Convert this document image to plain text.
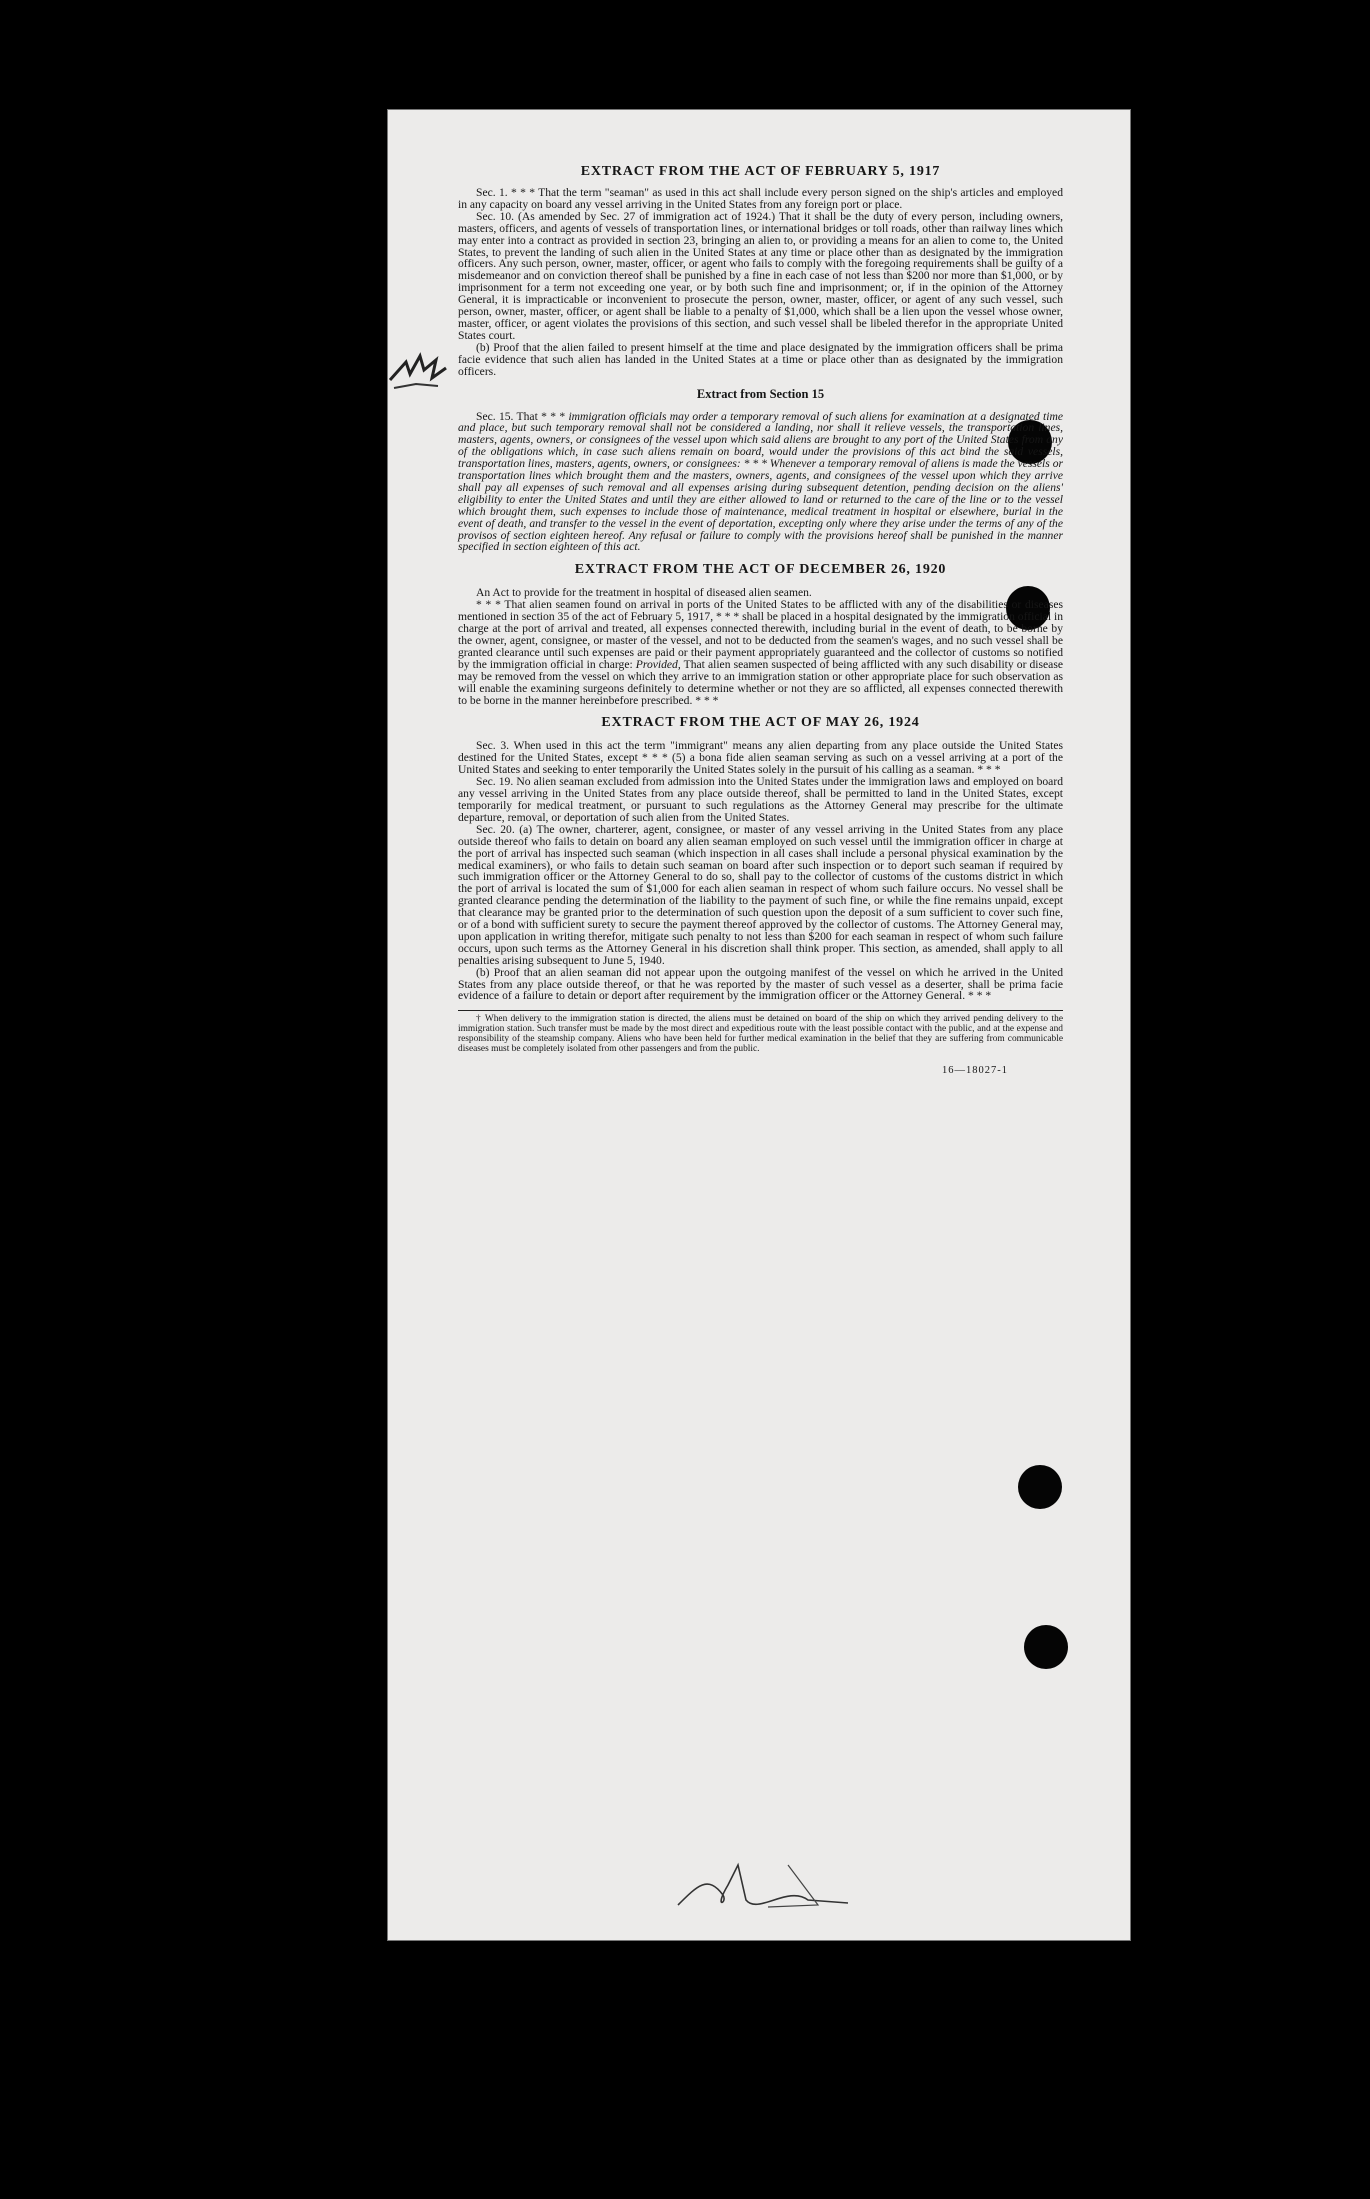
EXTRACT FROM THE ACT OF FEBRUARY 5, 1917

Sec. 1. * * * That the term "seaman" as used in this act shall include every person signed on the ship's articles and employed in any capacity on board any vessel arriving in the United States from any foreign port or place.

Sec. 10. (As amended by Sec. 27 of immigration act of 1924.) That it shall be the duty of every person, including owners, masters, officers, and agents of vessels of transportation lines, or international bridges or toll roads, other than railway lines which may enter into a contract as provided in section 23, bringing an alien to, or providing a means for an alien to come to, the United States, to prevent the landing of such alien in the United States at any time or place other than as designated by the immigration officers. Any such person, owner, master, officer, or agent who fails to comply with the foregoing requirements shall be guilty of a misdemeanor and on conviction thereof shall be punished by a fine in each case of not less than $200 nor more than $1,000, or by imprisonment for a term not exceeding one year, or by both such fine and imprisonment; or, if in the opinion of the Attorney General, it is impracticable or inconvenient to prosecute the person, owner, master, officer, or agent of any such vessel, such person, owner, master, officer, or agent shall be liable to a penalty of $1,000, which shall be a lien upon the vessel whose owner, master, officer, or agent violates the provisions of this section, and such vessel shall be libeled therefor in the appropriate United States court.

(b) Proof that the alien failed to present himself at the time and place designated by the immigration officers shall be prima facie evidence that such alien has landed in the United States at a time or place other than as designated by the immigration officers.

Extract from Section 15

Sec. 15. That * * * immigration officials may order a temporary removal of such aliens for examination at a designated time and place, but such temporary removal shall not be considered a landing, nor shall it relieve vessels, the transportation lines, masters, agents, owners, or consignees of the vessel upon which said aliens are brought to any port of the United States from any of the obligations which, in case such aliens remain on board, would under the provisions of this act bind the said vessels, transportation lines, masters, agents, owners, or consignees: * * * Whenever a temporary removal of aliens is made the vessels or transportation lines which brought them and the masters, owners, agents, and consignees of the vessel upon which they arrive shall pay all expenses of such removal and all expenses arising during subsequent detention, pending decision on the aliens' eligibility to enter the United States and until they are either allowed to land or returned to the care of the line or to the vessel which brought them, such expenses to include those of maintenance, medical treatment in hospital or elsewhere, burial in the event of death, and transfer to the vessel in the event of deportation, excepting only where they arise under the terms of any of the provisos of section eighteen hereof. Any refusal or failure to comply with the provisions hereof shall be punished in the manner specified in section eighteen of this act.

EXTRACT FROM THE ACT OF DECEMBER 26, 1920

An Act to provide for the treatment in hospital of diseased alien seamen.

* * * That alien seamen found on arrival in ports of the United States to be afflicted with any of the disabilities or diseases mentioned in section 35 of the act of February 5, 1917, * * * shall be placed in a hospital designated by the immigration official in charge at the port of arrival and treated, all expenses connected therewith, including burial in the event of death, to be borne by the owner, agent, consignee, or master of the vessel, and not to be deducted from the seamen's wages, and no such vessel shall be granted clearance until such expenses are paid or their payment appropriately guaranteed and the collector of customs so notified by the immigration official in charge: Provided, That alien seamen suspected of being afflicted with any such disability or disease may be removed from the vessel on which they arrive to an immigration station or other appropriate place for such observation as will enable the examining surgeons definitely to determine whether or not they are so afflicted, all expenses connected therewith to be borne in the manner hereinbefore prescribed. * * *

EXTRACT FROM THE ACT OF MAY 26, 1924

Sec. 3. When used in this act the term "immigrant" means any alien departing from any place outside the United States destined for the United States, except * * * (5) a bona fide alien seaman serving as such on a vessel arriving at a port of the United States and seeking to enter temporarily the United States solely in the pursuit of his calling as a seaman. * * *

Sec. 19. No alien seaman excluded from admission into the United States under the immigration laws and employed on board any vessel arriving in the United States from any place outside thereof, shall be permitted to land in the United States, except temporarily for medical treatment, or pursuant to such regulations as the Attorney General may prescribe for the ultimate departure, removal, or deportation of such alien from the United States.

Sec. 20. (a) The owner, charterer, agent, consignee, or master of any vessel arriving in the United States from any place outside thereof who fails to detain on board any alien seaman employed on such vessel until the immigration officer in charge at the port of arrival has inspected such seaman (which inspection in all cases shall include a personal physical examination by the medical examiners), or who fails to detain such seaman on board after such inspection or to deport such seaman if required by such immigration officer or the Attorney General to do so, shall pay to the collector of customs of the customs district in which the port of arrival is located the sum of $1,000 for each alien seaman in respect of whom such failure occurs. No vessel shall be granted clearance pending the determination of the liability to the payment of such fine, or while the fine remains unpaid, except that clearance may be granted prior to the determination of such question upon the deposit of a sum sufficient to cover such fine, or of a bond with sufficient surety to secure the payment thereof approved by the collector of customs. The Attorney General may, upon application in writing therefor, mitigate such penalty to not less than $200 for each seaman in respect of whom such failure occurs, upon such terms as the Attorney General in his discretion shall think proper. This section, as amended, shall apply to all penalties arising subsequent to June 5, 1940.

(b) Proof that an alien seaman did not appear upon the outgoing manifest of the vessel on which he arrived in the United States from any place outside thereof, or that he was reported by the master of such vessel as a deserter, shall be prima facie evidence of a failure to detain or deport after requirement by the immigration officer or the Attorney General. * * *

† When delivery to the immigration station is directed, the aliens must be detained on board of the ship on which they arrived pending delivery to the immigration station. Such transfer must be made by the most direct and expeditious route with the least possible contact with the public, and at the expense and responsibility of the steamship company. Aliens who have been held for further medical examination in the belief that they are suffering from communicable diseases must be completely isolated from other passengers and from the public.

16—18027-1
